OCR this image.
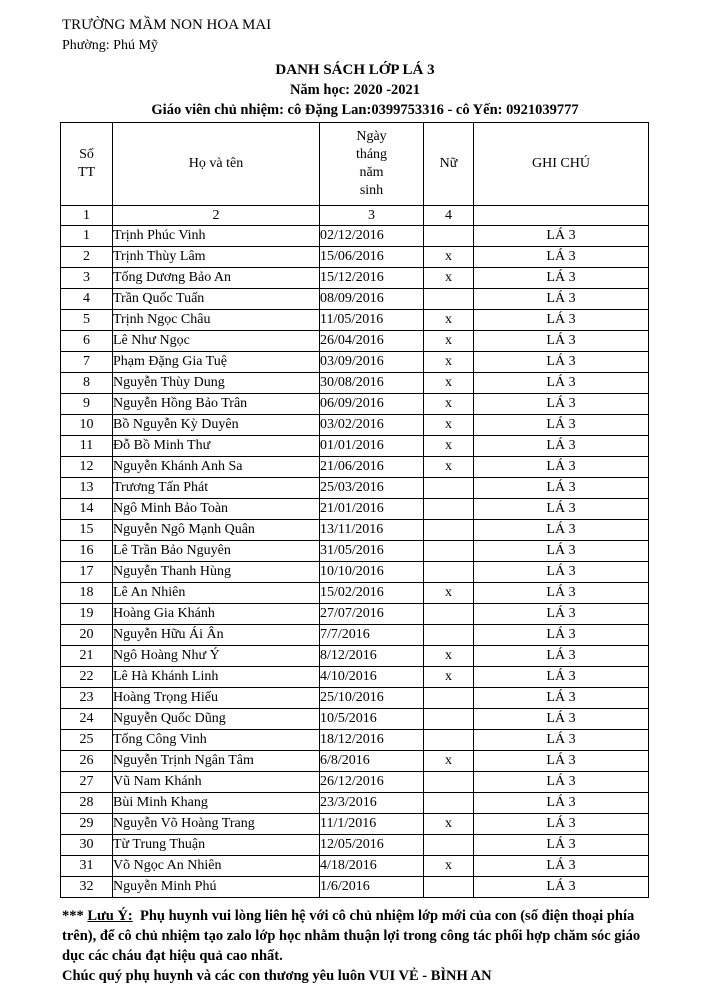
TRƯỜNG MẦM NON HOA MAI
Phường: Phú Mỹ
DANH SÁCH LỚP LÁ 3
Năm học: 2020 -2021
Giáo viên chủ nhiệm: cô Đặng Lan:0399753316 - cô Yến: 0921039777
Số TT	Họ và tên	Ngày tháng năm sinh	Nữ	GHI CHÚ
1	2	3	4	
1	Trịnh Phúc Vinh	02/12/2016		LÁ 3
2	Trịnh Thùy Lâm	15/06/2016	x	LÁ 3
3	Tống Dương Bảo An	15/12/2016	x	LÁ 3
4	Trần Quốc Tuấn	08/09/2016		LÁ 3
5	Trịnh Ngọc Châu	11/05/2016	x	LÁ 3
6	Lê Như Ngọc	26/04/2016	x	LÁ 3
7	Phạm Đặng Gia Tuệ	03/09/2016	x	LÁ 3
8	Nguyễn Thùy Dung	30/08/2016	x	LÁ 3
9	Nguyễn Hồng Bảo Trân	06/09/2016	x	LÁ 3
10	Bồ Nguyễn Kỳ Duyên	03/02/2016	x	LÁ 3
11	Đỗ Bồ Minh Thư	01/01/2016	x	LÁ 3
12	Nguyễn Khánh Anh Sa	21/06/2016	x	LÁ 3
13	Trương Tấn Phát	25/03/2016		LÁ 3
14	Ngô Minh Bảo Toàn	21/01/2016		LÁ 3
15	Nguyễn Ngô Mạnh Quân	13/11/2016		LÁ 3
16	Lê Trần Bảo Nguyên	31/05/2016		LÁ 3
17	Nguyễn Thanh Hùng	10/10/2016		LÁ 3
18	Lê An Nhiên	15/02/2016	x	LÁ 3
19	Hoàng Gia Khánh	27/07/2016		LÁ 3
20	Nguyễn Hữu Ái Ân	7/7/2016		LÁ 3
21	Ngô Hoàng Như Ý	8/12/2016	x	LÁ 3
22	Lê Hà Khánh Linh	4/10/2016	x	LÁ 3
23	Hoàng Trọng Hiếu	25/10/2016		LÁ 3
24	Nguyễn Quốc Dũng	10/5/2016		LÁ 3
25	Tống Công Vinh	18/12/2016		LÁ 3
26	Nguyễn Trịnh Ngân Tâm	6/8/2016	x	LÁ 3
27	Vũ Nam Khánh	26/12/2016		LÁ 3
28	Bùi Minh Khang	23/3/2016		LÁ 3
29	Nguyễn Võ Hoàng Trang	11/1/2016	x	LÁ 3
30	Từ Trung Thuận	12/05/2016		LÁ 3
31	Võ Ngọc An Nhiên	4/18/2016	x	LÁ 3
32	Nguyễn Minh Phú	1/6/2016		LÁ 3

*** Lưu Ý: Phụ huynh vui lòng liên hệ với cô chủ nhiệm lớp mới của con (số điện thoại phía trên), để cô chủ nhiệm tạo zalo lớp học nhằm thuận lợi trong công tác phối hợp chăm sóc giáo dục các cháu đạt hiệu quả cao nhất.

Chúc quý phụ huynh và các con thương yêu luôn VUI VẺ - BÌNH AN
